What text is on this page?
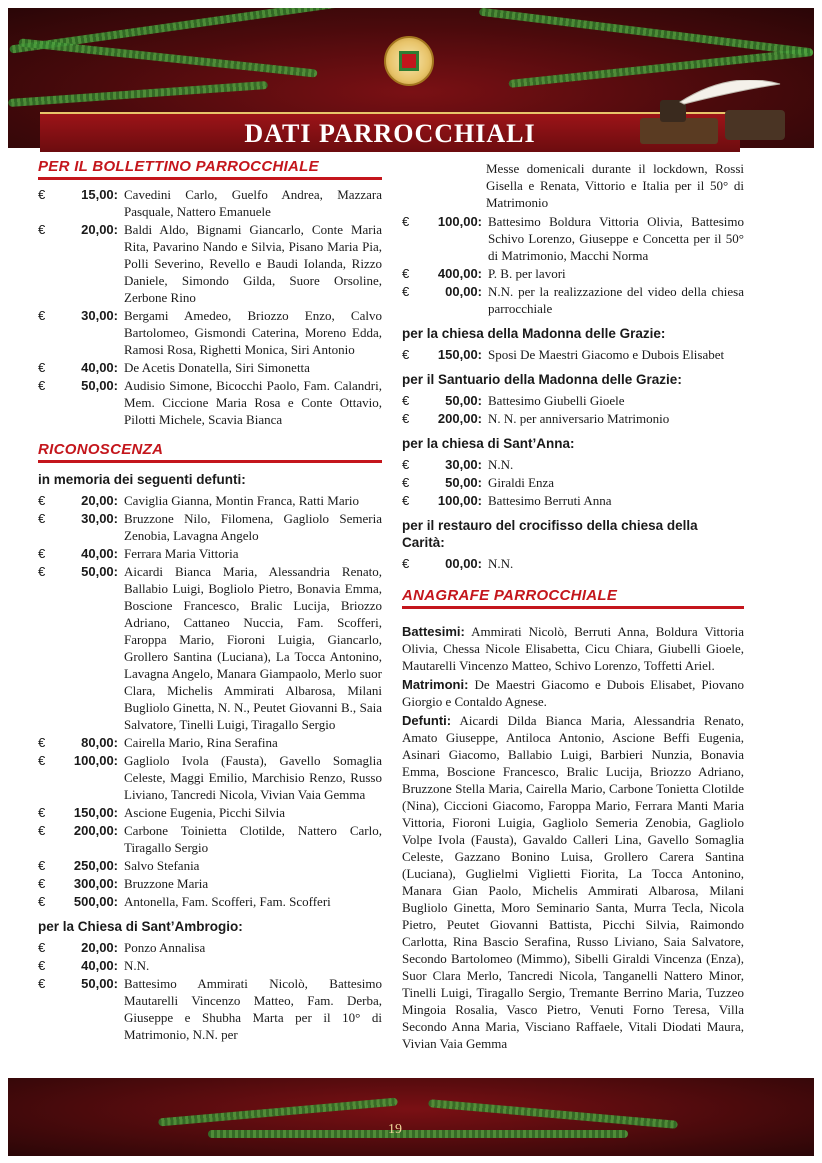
DATI PARROCCHIALI
PER IL BOLLETTINO PARROCCHIALE
€	15,00: Cavedini Carlo, Guelfo Andrea, Mazzara Pasquale, Nattero Emanuele
€	20,00: Baldi Aldo, Bignami Giancarlo, Conte Maria Rita, Pavarino Nando e Silvia, Pisano Maria Pia, Polli Severino, Revello e Baudi Iolanda, Rizzo Daniele, Simondo Gilda, Suore Orsoline, Zerbone Rino
€	30,00: Bergami Amedeo, Briozzo Enzo, Calvo Bartolomeo, Gismondi Caterina, Moreno Edda, Ramosi Rosa, Righetti Monica, Siri Antonio
€	40,00: De Acetis Donatella, Siri Simonetta
€	50,00: Audisio Simone, Bicocchi Paolo, Fam. Calandri, Mem. Ciccione Maria Rosa e Conte Ottavio, Pilotti Michele, Scavia Bianca
RICONOSCENZA
in memoria dei seguenti defunti:
€	20,00: Caviglia Gianna, Montin Franca, Ratti Mario
€	30,00: Bruzzone Nilo, Filomena, Gagliolo Semeria Zenobia, Lavagna Angelo
€	40,00: Ferrara Maria Vittoria
€	50,00: Aicardi Bianca Maria, Alessandria Renato, Ballabio Luigi, Bogliolo Pietro, Bonavia Emma, Boscione Francesco, Bralic Lucija, Briozzo Adriano, Cattaneo Nuccia, Fam. Scofferi, Faroppa Mario, Fioroni Luigia, Giancarlo, Grollero Santina (Luciana), La Tocca Antonino, Lavagna Angelo, Manara Giampaolo, Merlo suor Clara, Michelis Ammirati Albarosa, Milani Bugliolo Ginetta, N. N., Peutet Giovanni B., Saia Salvatore, Tinelli Luigi, Tiragallo Sergio
€	80,00: Cairella Mario, Rina Serafina
€	100,00: Gagliolo Ivola (Fausta), Gavello Somaglia Celeste, Maggi Emilio, Marchisio Renzo, Russo Liviano, Tancredi Nicola, Vivian Vaia Gemma
€	150,00: Ascione Eugenia, Picchi Silvia
€	200,00: Carbone Toinietta Clotilde, Nattero Carlo, Tiragallo Sergio
€	250,00: Salvo Stefania
€	300,00: Bruzzone Maria
€	500,00: Antonella, Fam. Scofferi, Fam. Scofferi
per la Chiesa di Sant’Ambrogio:
€	20,00: Ponzo Annalisa
€	40,00: N.N.
€	50,00: Battesimo Ammirati Nicolò, Battesimo Mautarelli Vincenzo Matteo, Fam. Derba, Giuseppe e Shubha Marta per il 10° di Matrimonio, N.N. per
Messe domenicali durante il lockdown, Rossi Gisella e Renata, Vittorio e Italia per il 50° di Matrimonio
€	100,00: Battesimo Boldura Vittoria Olivia, Battesimo Schivo Lorenzo, Giuseppe e Concetta per il 50° di Matrimonio, Macchi Norma
€	400,00: P. B. per lavori
€	00,00: N.N. per la realizzazione del video della chiesa parrocchiale
per la chiesa della Madonna delle Grazie:
€	150,00: Sposi De Maestri Giacomo e Dubois Elisabet
per il Santuario della Madonna delle Grazie:
€	50,00: Battesimo Giubelli Gioele
€	200,00: N. N. per anniversario Matrimonio
per la chiesa di Sant’Anna:
€	30,00: N.N.
€	50,00: Giraldi Enza
€	100,00: Battesimo Berruti Anna
per il restauro del crocifisso della chiesa della Carità:
€	00,00: N.N.
ANAGRAFE PARROCCHIALE

Battesimi: Ammirati Nicolò, Berruti Anna, Boldura Vittoria Olivia, Chessa Nicole Elisabetta, Cicu Chiara, Giubelli Gioele, Mautarelli Vincenzo Matteo, Schivo Lorenzo, Toffetti Ariel.

Matrimoni: De Maestri Giacomo e Dubois Elisabet, Piovano Giorgio e Contaldo Agnese.

Defunti: Aicardi Dilda Bianca Maria, Alessandria Renato, Amato Giuseppe, Antiloca Antonio, Ascione Beffi Eugenia, Asinari Giacomo, Ballabio Luigi, Barbieri Nunzia, Bonavia Emma, Boscione Francesco, Bralic Lucija, Briozzo Adriano, Bruzzone Stella Maria, Cairella Mario, Carbone Tonietta Clotilde (Nina), Ciccioni Giacomo, Faroppa Mario, Ferrara Manti Maria Vittoria, Fioroni Luigia, Gagliolo Semeria Zenobia, Gagliolo Volpe Ivola (Fausta), Gavaldo Calleri Lina, Gavello Somaglia Celeste, Gazzano Bonino Luisa, Grollero Carera Santina (Luciana), Guglielmi Viglietti Fiorita, La Tocca Antonino, Manara Gian Paolo, Michelis Ammirati Albarosa, Milani Bugliolo Ginetta, Moro Seminario Santa, Murra Tecla, Nicola Pietro, Peutet Giovanni Battista, Picchi Silvia, Raimondo Carlotta, Rina Bascio Serafina, Russo Liviano, Saia Salvatore, Secondo Bartolomeo (Mimmo), Sibelli Giraldi Vincenza (Enza), Suor Clara Merlo, Tancredi Nicola, Tanganelli Nattero Minor, Tinelli Luigi, Tiragallo Sergio, Tremante Berrino Maria, Tuzzeo Mingoia Rosalia, Vasco Pietro, Venuti Forno Teresa, Villa Secondo Anna Maria, Visciano Raffaele, Vitali Diodati Maura, Vivian Vaia Gemma

19
